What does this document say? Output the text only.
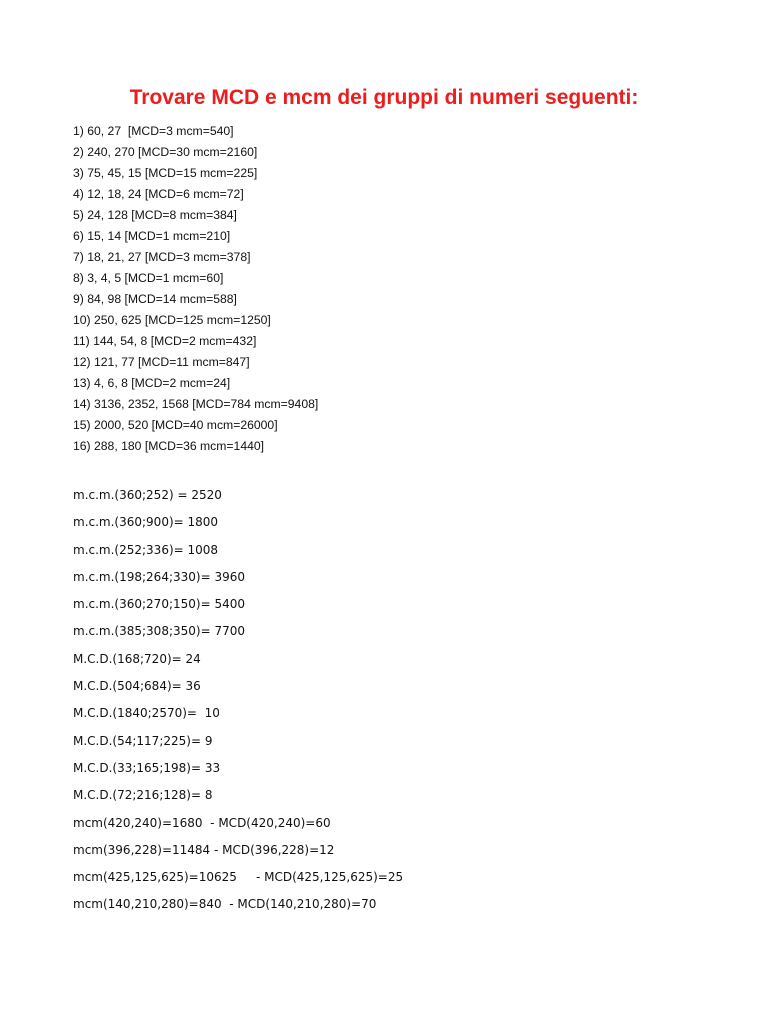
Trovare MCD e mcm dei gruppi di numeri seguenti:
1) 60, 27  [MCD=3 mcm=540]
2) 240, 270 [MCD=30 mcm=2160]
3) 75, 45, 15 [MCD=15 mcm=225]
4) 12, 18, 24 [MCD=6 mcm=72]
5) 24, 128 [MCD=8 mcm=384]
6) 15, 14 [MCD=1 mcm=210]
7) 18, 21, 27 [MCD=3 mcm=378]
8) 3, 4, 5 [MCD=1 mcm=60]
9) 84, 98 [MCD=14 mcm=588]
10) 250, 625 [MCD=125 mcm=1250]
11) 144, 54, 8 [MCD=2 mcm=432]
12) 121, 77 [MCD=11 mcm=847]
13) 4, 6, 8 [MCD=2 mcm=24]
14) 3136, 2352, 1568 [MCD=784 mcm=9408]
15) 2000, 520 [MCD=40 mcm=26000]
16) 288, 180 [MCD=36 mcm=1440]
m.c.m.(360;252) = 2520
m.c.m.(360;900)= 1800
m.c.m.(252;336)= 1008
m.c.m.(198;264;330)= 3960
m.c.m.(360;270;150)= 5400
m.c.m.(385;308;350)= 7700
M.C.D.(168;720)= 24
M.C.D.(504;684)= 36
M.C.D.(1840;2570)=  10
M.C.D.(54;117;225)= 9
M.C.D.(33;165;198)= 33
M.C.D.(72;216;128)= 8
mcm(420,240)=1680  - MCD(420,240)=60
mcm(396,228)=11484 - MCD(396,228)=12
mcm(425,125,625)=10625     - MCD(425,125,625)=25
mcm(140,210,280)=840  - MCD(140,210,280)=70
